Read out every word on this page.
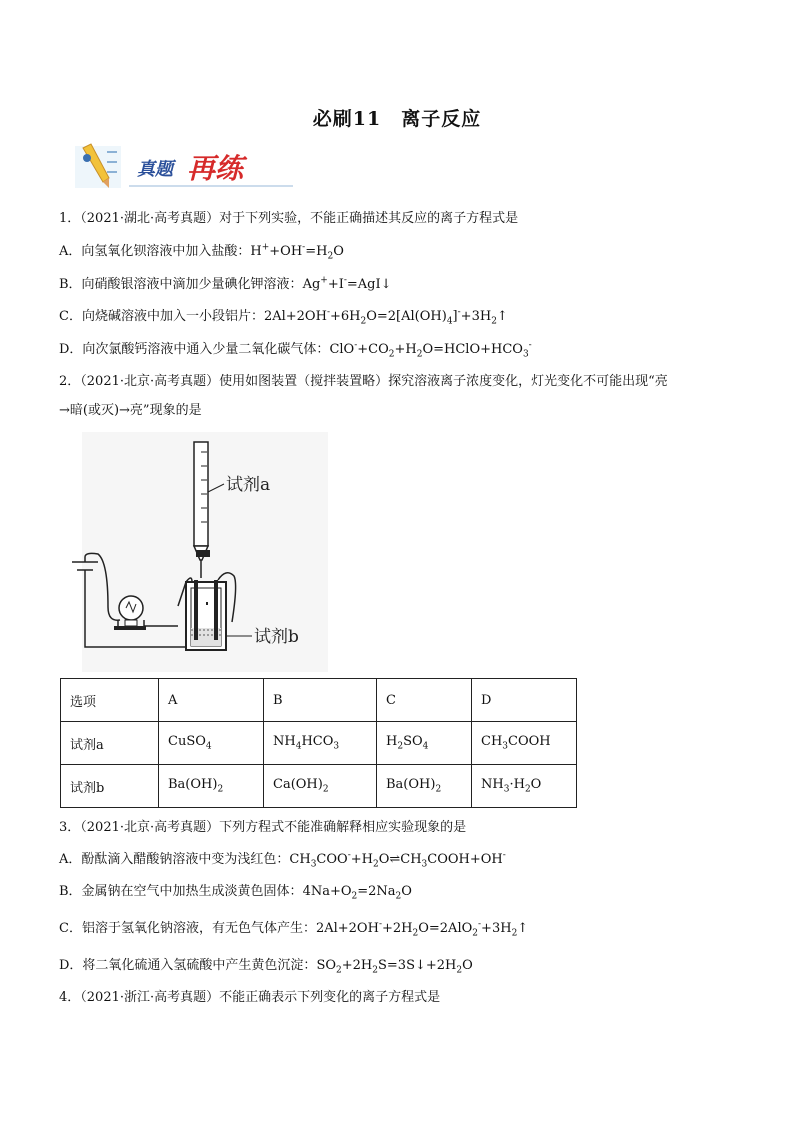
必刷11　离子反应
真题 再练
1．（2021·湖北·高考真题）对于下列实验，不能正确描述其反应的离子方程式是
A．向氢氧化钡溶液中加入盐酸：$H^++OH^-=H_2O$
B．向硝酸银溶液中滴加少量碘化钾溶液：Ag++I-=AgI↓
C．向烧碱溶液中加入一小段铝片：$2Al+2OH^-+6H_2O=2[Al(OH)_4]^-+3H_2↑$
D．向次氯酸钙溶液中通入少量二氧化碳气体：$ClO^-+CO_2+H_2O=HClO+HCO_3^-$
2．（2021·北京·高考真题）使用如图装置（搅拌装置略）探究溶液离子浓度变化，灯光变化不可能出现“亮
→暗(或灭)→亮”现象的是
试剂a
试剂b
选项	A	B	C	D
试剂a	CuSO$_4$	$NH_4HCO_3$	$H_2SO_4$	$CH_3COOH$
试剂b	$Ba(OH)_2$	$Ca(OH)_2$	$Ba(OH)_2$	$NH_3\cdot H_2O$
3．（2021·北京·高考真题）下列方程式不能准确解释相应实验现象的是
A．酚酞滴入醋酸钠溶液中变为浅红色：$CH_3COO^-+H_2O\rightleftharpoons CH_3COOH+OH^-$
B．金属钠在空气中加热生成淡黄色固体：$4Na+O_2=2Na_2O$
C．铝溶于氢氧化钠溶液，有无色气体产生：$2Al+2OH^-+2H_2O=2AlO_2^-+3H_2↑$
D．将二氧化硫通入氢硫酸中产生黄色沉淀：$SO_2+2H_2S=3S↓+2H_2O$
4．（2021·浙江·高考真题）不能正确表示下列变化的离子方程式是
